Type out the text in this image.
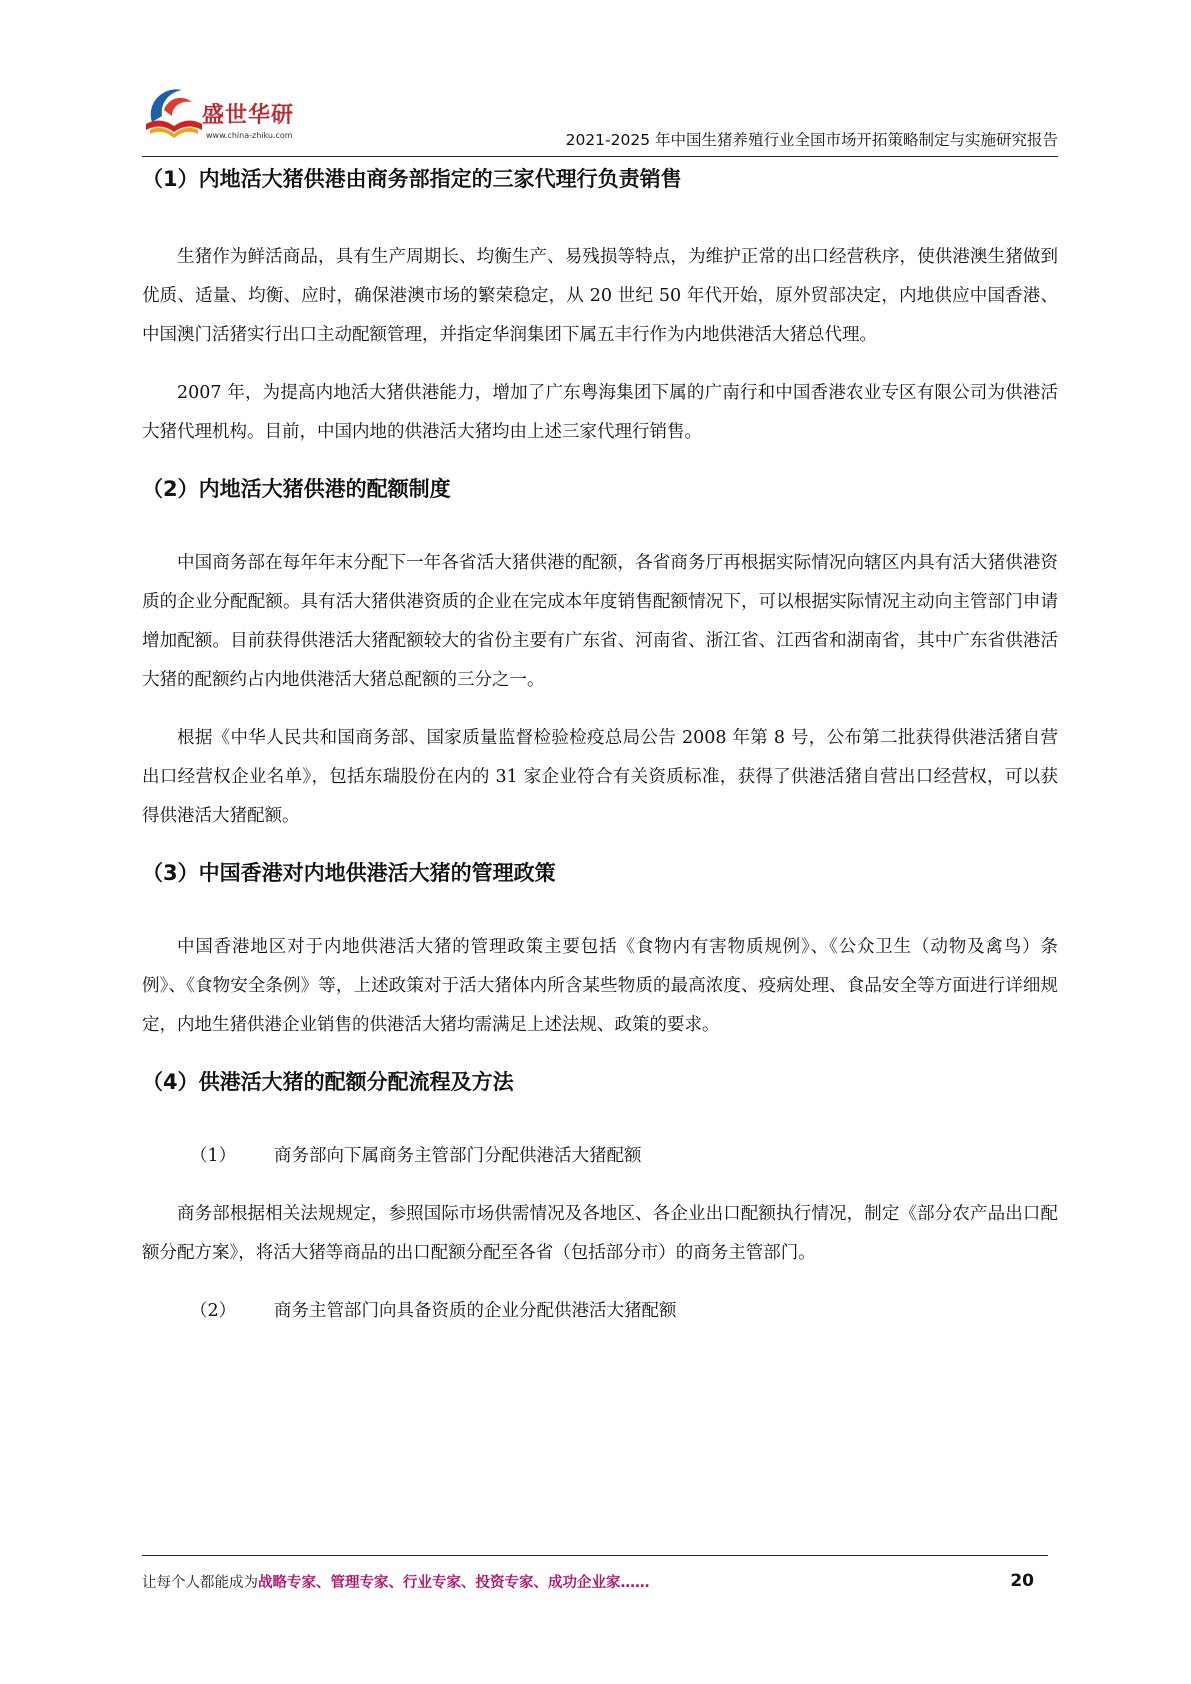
盛世华研
www.china-zhiku.com	2021-2025 年中国生猪养殖行业全国市场开拓策略制定与实施研究报告
（1）内地活大猪供港由商务部指定的三家代理行负责销售

生猪作为鲜活商品，具有生产周期长、均衡生产、易残损等特点，为维护正常的出口经营秩序，使供港澳生猪做到优质、适量、均衡、应时，确保港澳市场的繁荣稳定，从 20 世纪 50 年代开始，原外贸部决定，内地供应中国香港、中国澳门活猪实行出口主动配额管理，并指定华润集团下属五丰行作为内地供港活大猪总代理。

2007 年，为提高内地活大猪供港能力，增加了广东粤海集团下属的广南行和中国香港农业专区有限公司为供港活大猪代理机构。目前，中国内地的供港活大猪均由上述三家代理行销售。

（2）内地活大猪供港的配额制度

中国商务部在每年年末分配下一年各省活大猪供港的配额，各省商务厅再根据实际情况向辖区内具有活大猪供港资质的企业分配配额。具有活大猪供港资质的企业在完成本年度销售配额情况下，可以根据实际情况主动向主管部门申请增加配额。目前获得供港活大猪配额较大的省份主要有广东省、河南省、浙江省、江西省和湖南省，其中广东省供港活大猪的配额约占内地供港活大猪总配额的三分之一。

根据《中华人民共和国商务部、国家质量监督检验检疫总局公告 2008 年第 8 号，公布第二批获得供港活猪自营出口经营权企业名单》，包括东瑞股份在内的 31 家企业符合有关资质标准，获得了供港活猪自营出口经营权，可以获得供港活大猪配额。

（3）中国香港对内地供港活大猪的管理政策

中国香港地区对于内地供港活大猪的管理政策主要包括《食物内有害物质规例》、《公众卫生（动物及禽鸟）条例》、《食物安全条例》等，上述政策对于活大猪体内所含某些物质的最高浓度、疫病处理、食品安全等方面进行详细规定，内地生猪供港企业销售的供港活大猪均需满足上述法规、政策的要求。

（4）供港活大猪的配额分配流程及方法
（1） 商务部向下属商务主管部门分配供港活大猪配额

商务部根据相关法规规定，参照国际市场供需情况及各地区、各企业出口配额执行情况，制定《部分农产品出口配额分配方案》，将活大猪等商品的出口配额分配至各省（包括部分市）的商务主管部门。

（2） 商务主管部门向具备资质的企业分配供港活大猪配额
让每个人都能成为战略专家、管理专家、行业专家、投资专家、成功企业家……	20
